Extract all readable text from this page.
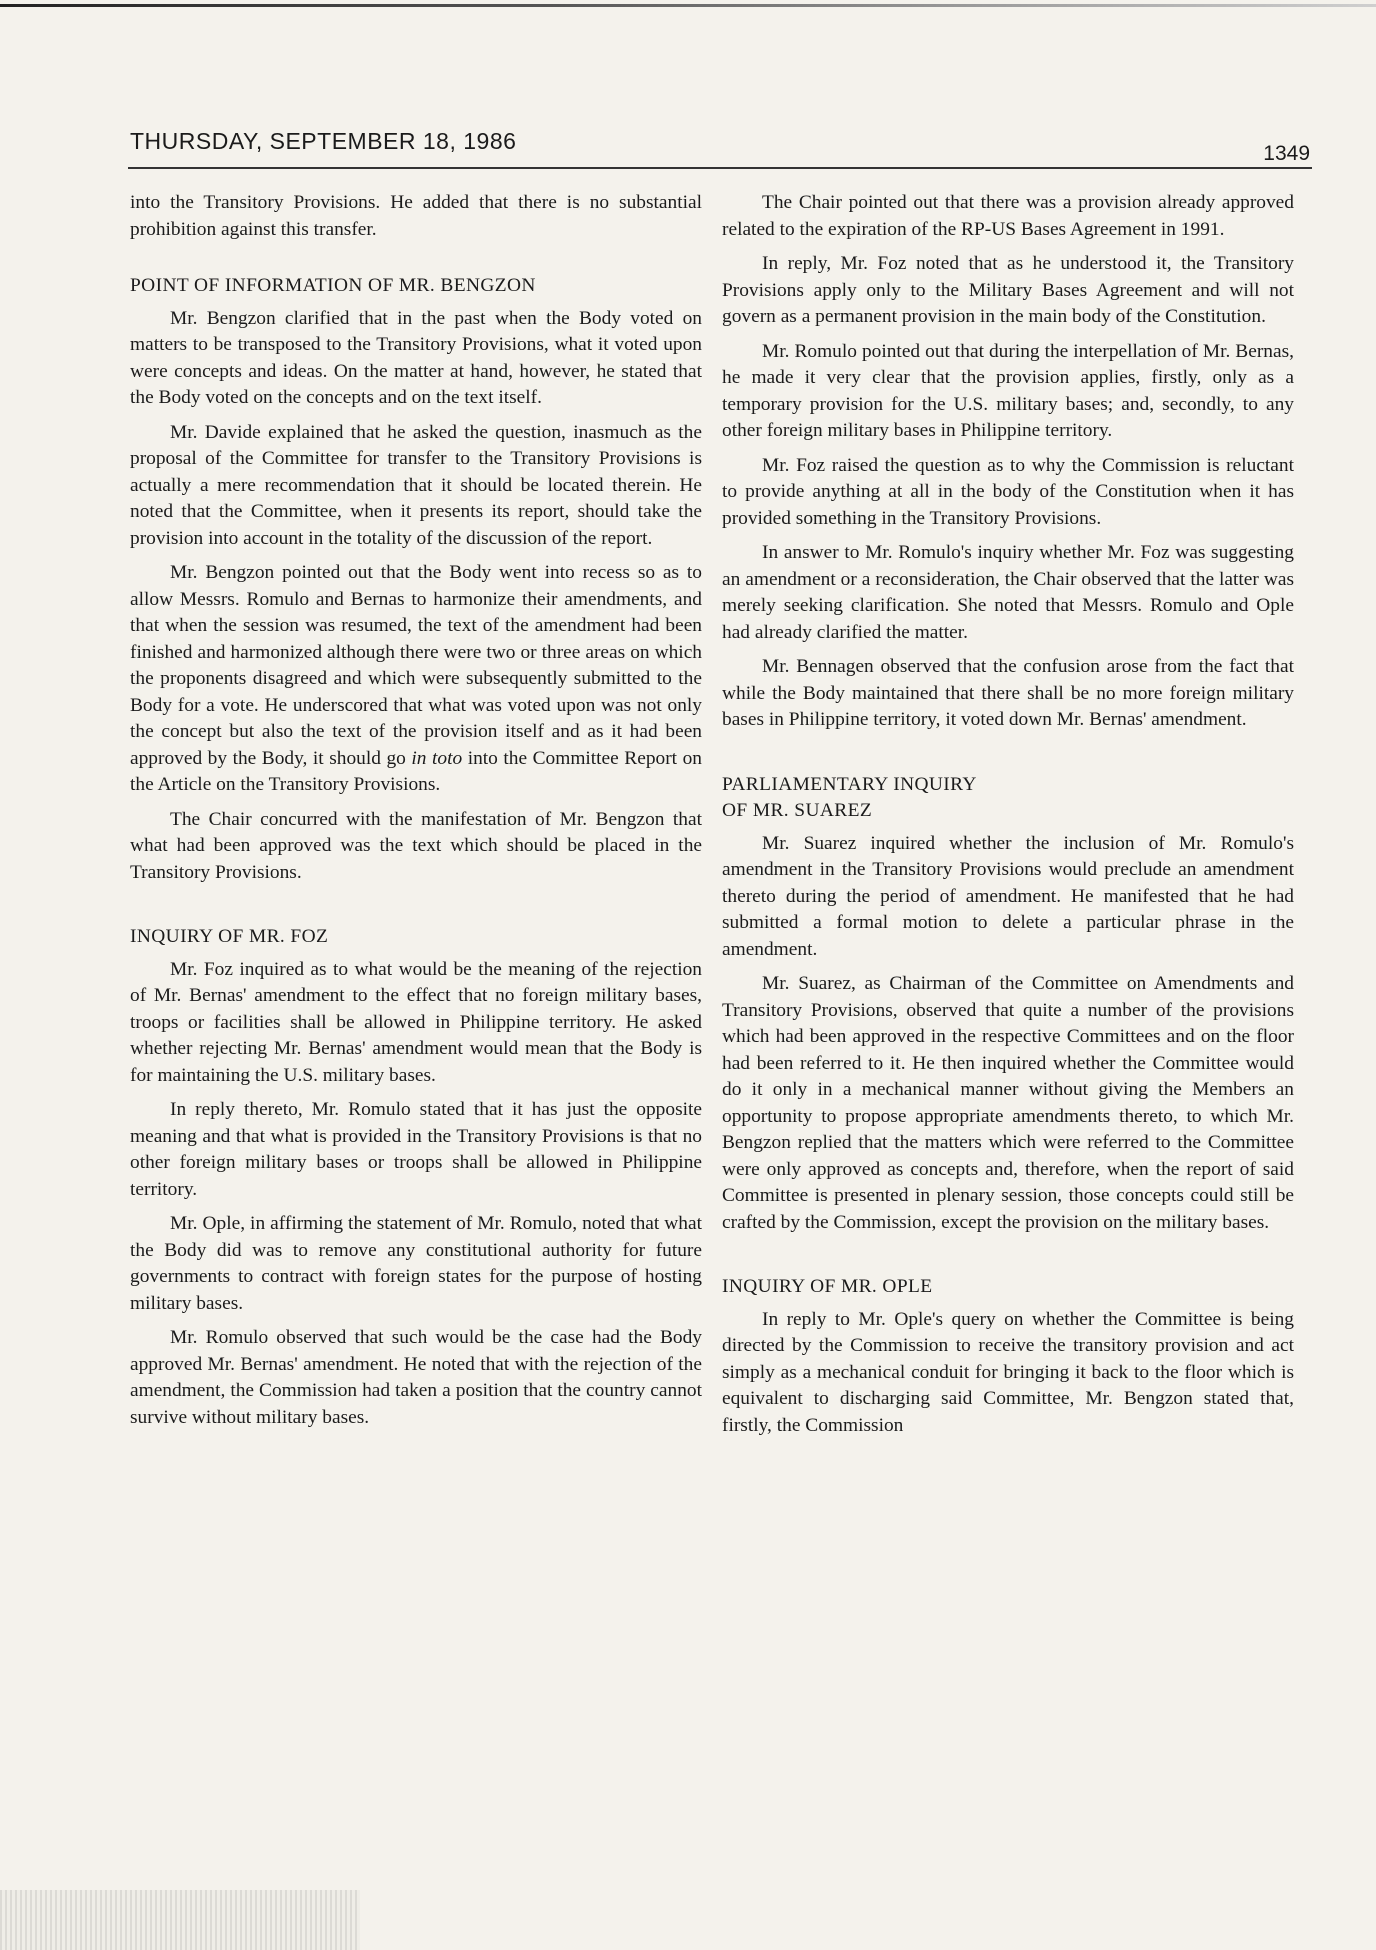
THURSDAY, SEPTEMBER 18, 1986	1349

into the Transitory Provisions. He added that there is no substantial prohibition against this transfer.

POINT OF INFORMATION OF MR. BENGZON

Mr. Bengzon clarified that in the past when the Body voted on matters to be transposed to the Transitory Provisions, what it voted upon were concepts and ideas. On the matter at hand, however, he stated that the Body voted on the concepts and on the text itself.

Mr. Davide explained that he asked the question, inasmuch as the proposal of the Committee for transfer to the Transitory Provisions is actually a mere recommendation that it should be located therein. He noted that the Committee, when it presents its report, should take the provision into account in the totality of the discussion of the report.

Mr. Bengzon pointed out that the Body went into recess so as to allow Messrs. Romulo and Bernas to harmonize their amendments, and that when the session was resumed, the text of the amendment had been finished and harmonized although there were two or three areas on which the proponents disagreed and which were subsequently submitted to the Body for a vote. He underscored that what was voted upon was not only the concept but also the text of the provision itself and as it had been approved by the Body, it should go in toto into the Committee Report on the Article on the Transitory Provisions.

The Chair concurred with the manifestation of Mr. Bengzon that what had been approved was the text which should be placed in the Transitory Provisions.

INQUIRY OF MR. FOZ

Mr. Foz inquired as to what would be the meaning of the rejection of Mr. Bernas' amendment to the effect that no foreign military bases, troops or facilities shall be allowed in Philippine territory. He asked whether rejecting Mr. Bernas' amendment would mean that the Body is for maintaining the U.S. military bases.

In reply thereto, Mr. Romulo stated that it has just the opposite meaning and that what is provided in the Transitory Provisions is that no other foreign military bases or troops shall be allowed in Philippine territory.

Mr. Ople, in affirming the statement of Mr. Romulo, noted that what the Body did was to remove any constitutional authority for future governments to contract with foreign states for the purpose of hosting military bases.

Mr. Romulo observed that such would be the case had the Body approved Mr. Bernas' amendment. He noted that with the rejection of the amendment, the Commission had taken a position that the country cannot survive without military bases.

The Chair pointed out that there was a provision already approved related to the expiration of the RP-US Bases Agreement in 1991.

In reply, Mr. Foz noted that as he understood it, the Transitory Provisions apply only to the Military Bases Agreement and will not govern as a permanent provision in the main body of the Constitution.

Mr. Romulo pointed out that during the interpellation of Mr. Bernas, he made it very clear that the provision applies, firstly, only as a temporary provision for the U.S. military bases; and, secondly, to any other foreign military bases in Philippine territory.

Mr. Foz raised the question as to why the Commission is reluctant to provide anything at all in the body of the Constitution when it has provided something in the Transitory Provisions.

In answer to Mr. Romulo's inquiry whether Mr. Foz was suggesting an amendment or a reconsideration, the Chair observed that the latter was merely seeking clarification. She noted that Messrs. Romulo and Ople had already clarified the matter.

Mr. Bennagen observed that the confusion arose from the fact that while the Body maintained that there shall be no more foreign military bases in Philippine territory, it voted down Mr. Bernas' amendment.

PARLIAMENTARY INQUIRY
OF MR. SUAREZ

Mr. Suarez inquired whether the inclusion of Mr. Romulo's amendment in the Transitory Provisions would preclude an amendment thereto during the period of amendment. He manifested that he had submitted a formal motion to delete a particular phrase in the amendment.

Mr. Suarez, as Chairman of the Committee on Amendments and Transitory Provisions, observed that quite a number of the provisions which had been approved in the respective Committees and on the floor had been referred to it. He then inquired whether the Committee would do it only in a mechanical manner without giving the Members an opportunity to propose appropriate amendments thereto, to which Mr. Bengzon replied that the matters which were referred to the Committee were only approved as concepts and, therefore, when the report of said Committee is presented in plenary session, those concepts could still be crafted by the Commission, except the provision on the military bases.

INQUIRY OF MR. OPLE

In reply to Mr. Ople's query on whether the Committee is being directed by the Commission to receive the transitory provision and act simply as a mechanical conduit for bringing it back to the floor which is equivalent to discharging said Committee, Mr. Bengzon stated that, firstly, the Commission
